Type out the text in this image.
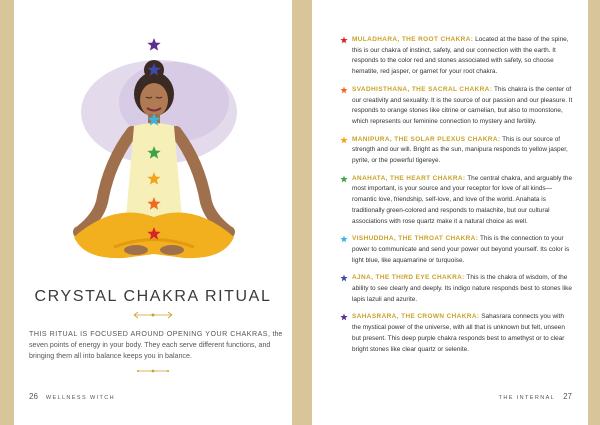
CRYSTAL CHAKRA RITUAL
THIS RITUAL IS FOCUSED AROUND OPENING YOUR CHAKRAS, the seven points of energy in your body. They each serve different functions, and bringing them all into balance keeps you in balance.
26 WELLNESS WITCH
MULADHARA, THE ROOT CHAKRA: Located at the base of the spine, this is our chakra of instinct, safety, and our connection with the earth. It responds to the color red and stones associated with safety, so choose hematite, red jasper, or garnet for your root chakra.
SVADHISTHANA, THE SACRAL CHAKRA: This chakra is the center of our creativity and sexuality. It is the source of our passion and our pleasure. It responds to orange stones like citrine or carnelian, but also to moonstone, which represents our feminine connection to mystery and fertility.
MANIPURA, THE SOLAR PLEXUS CHAKRA: This is our source of strength and our will. Bright as the sun, manipura responds to yellow jasper, pyrite, or the powerful tigereye.
ANAHATA, THE HEART CHAKRA: The central chakra, and arguably the most important, is your source and your receptor for love of all kinds—romantic love, friendship, self-love, and love of the world. Anahata is traditionally green-colored and responds to malachite, but our cultural associations with rose quartz make it a natural choice as well.
VISHUDDHA, THE THROAT CHAKRA: This is the connection to your power to communicate and send your power out beyond yourself. Its color is light blue, like aquamarine or turquoise.
AJNA, THE THIRD EYE CHAKRA: This is the chakra of wisdom, of the ability to see clearly and deeply. Its indigo nature responds best to stones like lapis lazuli and azurite.
SAHASRARA, THE CROWN CHAKRA: Sahasrara connects you with the mystical power of the universe, with all that is unknown but felt, unseen but present. This deep purple chakra responds best to amethyst or to clear bright stones like clear quartz or selenite.
THE INTERNAL 27
